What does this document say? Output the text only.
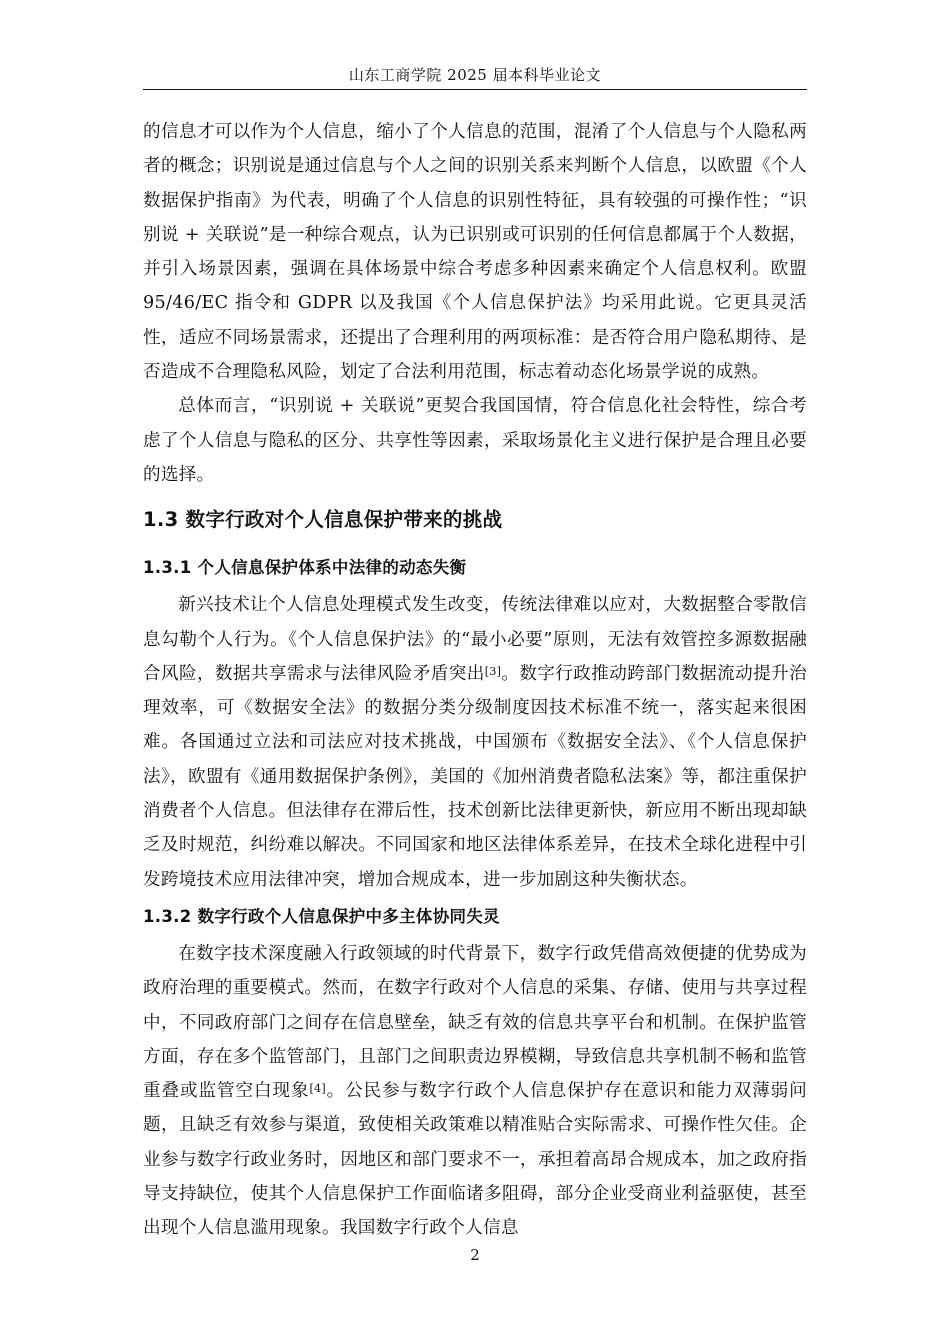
山东工商学院 2025 届本科毕业论文

的信息才可以作为个人信息，缩小了个人信息的范围，混淆了个人信息与个人隐私两者的概念；识别说是通过信息与个人之间的识别关系来判断个人信息，以欧盟《个人数据保护指南》为代表，明确了个人信息的识别性特征，具有较强的可操作性；“识别说 + 关联说”是一种综合观点，认为已识别或可识别的任何信息都属于个人数据，并引入场景因素，强调在具体场景中综合考虑多种因素来确定个人信息权利。欧盟 95/46/EC 指令和 GDPR 以及我国《个人信息保护法》均采用此说。它更具灵活性，适应不同场景需求，还提出了合理利用的两项标准：是否符合用户隐私期待、是否造成不合理隐私风险，划定了合法利用范围，标志着动态化场景学说的成熟。

总体而言，“识别说 + 关联说”更契合我国国情，符合信息化社会特性，综合考虑了个人信息与隐私的区分、共享性等因素，采取场景化主义进行保护是合理且必要的选择。

1.3 数字行政对个人信息保护带来的挑战
1.3.1 个人信息保护体系中法律的动态失衡

新兴技术让个人信息处理模式发生改变，传统法律难以应对，大数据整合零散信息勾勒个人行为。《个人信息保护法》的“最小必要”原则，无法有效管控多源数据融合风险，数据共享需求与法律风险矛盾突出[3]。数字行政推动跨部门数据流动提升治理效率，可《数据安全法》的数据分类分级制度因技术标准不统一，落实起来很困难。各国通过立法和司法应对技术挑战，中国颁布《数据安全法》、《个人信息保护法》，欧盟有《通用数据保护条例》，美国的《加州消费者隐私法案》等，都注重保护消费者个人信息。但法律存在滞后性，技术创新比法律更新快，新应用不断出现却缺乏及时规范，纠纷难以解决。不同国家和地区法律体系差异，在技术全球化进程中引发跨境技术应用法律冲突，增加合规成本，进一步加剧这种失衡状态。

1.3.2 数字行政个人信息保护中多主体协同失灵

在数字技术深度融入行政领域的时代背景下，数字行政凭借高效便捷的优势成为政府治理的重要模式。然而，在数字行政对个人信息的采集、存储、使用与共享过程中，不同政府部门之间存在信息壁垒，缺乏有效的信息共享平台和机制。在保护监管方面，存在多个监管部门，且部门之间职责边界模糊，导致信息共享机制不畅和监管重叠或监管空白现象[4]。公民参与数字行政个人信息保护存在意识和能力双薄弱问题，且缺乏有效参与渠道，致使相关政策难以精准贴合实际需求、可操作性欠佳。企业参与数字行政业务时，因地区和部门要求不一，承担着高昂合规成本，加之政府指导支持缺位，使其个人信息保护工作面临诸多阻碍，部分企业受商业利益驱使，甚至出现个人信息滥用现象。我国数字行政个人信息

2
